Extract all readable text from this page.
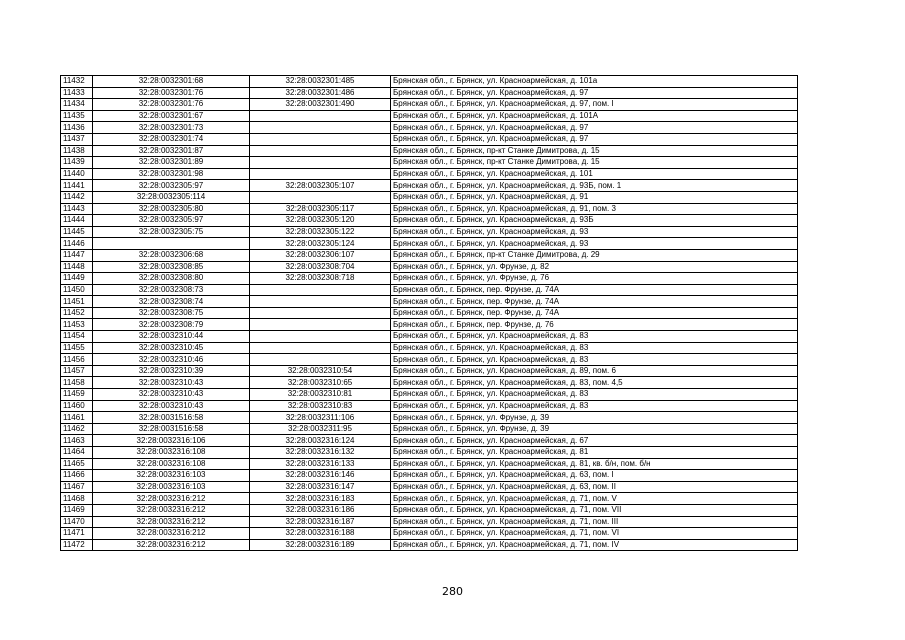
11432	32:28:0032301:68	32:28:0032301:485	Брянская обл., г. Брянск, ул. Красноармейская, д. 101а
11433	32:28:0032301:76	32:28:0032301:486	Брянская обл., г. Брянск, ул. Красноармейская, д. 97
11434	32:28:0032301:76	32:28:0032301:490	Брянская обл., г. Брянск, ул. Красноармейская, д. 97, пом. I
11435	32:28:0032301:67		Брянская обл., г. Брянск, ул. Красноармейская, д. 101А
11436	32:28:0032301:73		Брянская обл., г. Брянск, ул. Красноармейская, д. 97
11437	32:28:0032301:74		Брянская обл., г. Брянск, ул. Красноармейская, д. 97
11438	32:28:0032301:87		Брянская обл., г. Брянск, пр-кт Станке Димитрова, д. 15
11439	32:28:0032301:89		Брянская обл., г. Брянск, пр-кт Станке Димитрова, д. 15
11440	32:28:0032301:98		Брянская обл., г. Брянск, ул. Красноармейская, д. 101
11441	32:28:0032305:97	32:28:0032305:107	Брянская обл., г. Брянск, ул. Красноармейская, д. 93Б, пом. 1
11442	32:28:0032305:114		Брянская обл., г. Брянск, ул. Красноармейская, д. 91
11443	32:28:0032305:80	32:28:0032305:117	Брянская обл., г. Брянск, ул. Красноармейская, д. 91, пом. 3
11444	32:28:0032305:97	32:28:0032305:120	Брянская обл., г. Брянск, ул. Красноармейская, д. 93Б
11445	32:28:0032305:75	32:28:0032305:122	Брянская обл., г. Брянск, ул. Красноармейская, д. 93
11446		32:28:0032305:124	Брянская обл., г. Брянск, ул. Красноармейская, д. 93
11447	32:28:0032306:68	32:28:0032306:107	Брянская обл., г. Брянск, пр-кт Станке Димитрова, д. 29
11448	32:28:0032308:85	32:28:0032308:704	Брянская обл., г. Брянск, ул. Фрунзе, д. 82
11449	32:28:0032308:80	32:28:0032308:718	Брянская обл., г. Брянск, ул. Фрунзе, д. 76
11450	32:28:0032308:73		Брянская обл., г. Брянск, пер. Фрунзе, д. 74А
11451	32:28:0032308:74		Брянская обл., г. Брянск, пер. Фрунзе, д. 74А
11452	32:28:0032308:75		Брянская обл., г. Брянск, пер. Фрунзе, д. 74А
11453	32:28:0032308:79		Брянская обл., г. Брянск, пер. Фрунзе, д. 76
11454	32:28:0032310:44		Брянская обл., г. Брянск, ул. Красноармейская, д. 83
11455	32:28:0032310:45		Брянская обл., г. Брянск, ул. Красноармейская, д. 83
11456	32:28:0032310:46		Брянская обл., г. Брянск, ул. Красноармейская, д. 83
11457	32:28:0032310:39	32:28:0032310:54	Брянская обл., г. Брянск, ул. Красноармейская, д. 89, пом. 6
11458	32:28:0032310:43	32:28:0032310:65	Брянская обл., г. Брянск, ул. Красноармейская, д. 83, пом. 4,5
11459	32:28:0032310:43	32:28:0032310:81	Брянская обл., г. Брянск, ул. Красноармейская, д. 83
11460	32:28:0032310:43	32:28:0032310:83	Брянская обл., г. Брянск, ул. Красноармейская, д. 83
11461	32:28:0031516:58	32:28:0032311:106	Брянская обл., г. Брянск, ул. Фрунзе, д. 39
11462	32:28:0031516:58	32:28:0032311:95	Брянская обл., г. Брянск, ул. Фрунзе, д. 39
11463	32:28:0032316:106	32:28:0032316:124	Брянская обл., г. Брянск, ул. Красноармейская, д. 67
11464	32:28:0032316:108	32:28:0032316:132	Брянская обл., г. Брянск, ул. Красноармейская, д. 81
11465	32:28:0032316:108	32:28:0032316:133	Брянская обл., г. Брянск, ул. Красноармейская, д. 81, кв. б/н, пом. б/н
11466	32:28:0032316:103	32:28:0032316:146	Брянская обл., г. Брянск, ул. Красноармейская, д. 63, пом. I
11467	32:28:0032316:103	32:28:0032316:147	Брянская обл., г. Брянск, ул. Красноармейская, д. 63, пом. II
11468	32:28:0032316:212	32:28:0032316:183	Брянская обл., г. Брянск, ул. Красноармейская, д. 71, пом. V
11469	32:28:0032316:212	32:28:0032316:186	Брянская обл., г. Брянск, ул. Красноармейская, д. 71, пом. VII
11470	32:28:0032316:212	32:28:0032316:187	Брянская обл., г. Брянск, ул. Красноармейская, д. 71, пом. III
11471	32:28:0032316:212	32:28:0032316:188	Брянская обл., г. Брянск, ул. Красноармейская, д. 71, пом. VI
11472	32:28:0032316:212	32:28:0032316:189	Брянская обл., г. Брянск, ул. Красноармейская, д. 71, пом. IV
280
